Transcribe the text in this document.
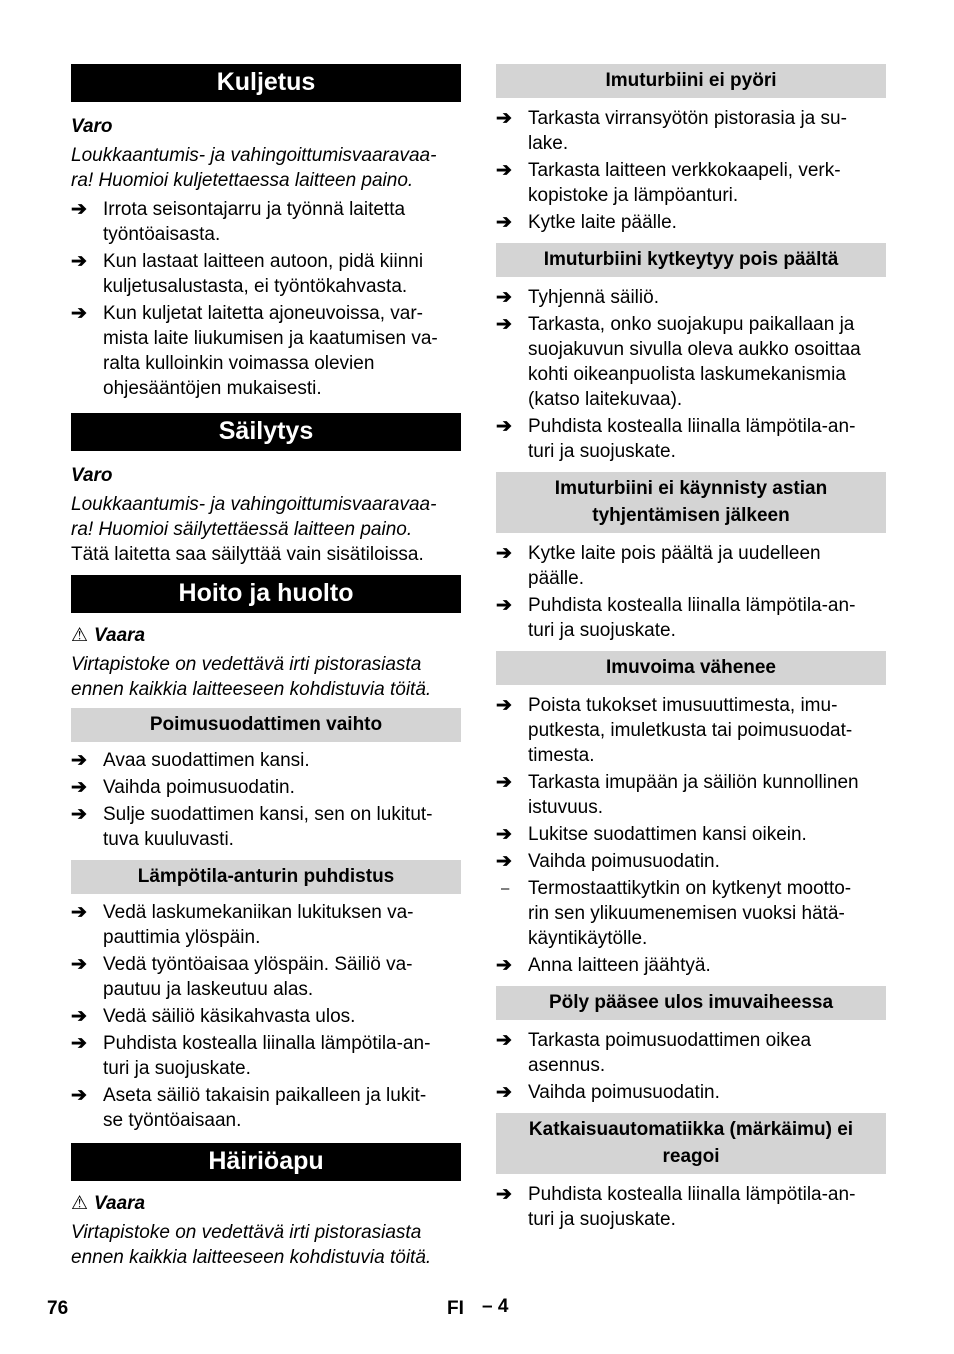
Kuljetus
Varo
Loukkaantumis- ja vahingoittumisvaaravaa-
ra! Huomioi kuljetettaessa laitteen paino.
➔ Irrota seisontajarru ja työnnä laitetta
työntöaisasta.
➔ Kun lastaat laitteen autoon, pidä kiinni
kuljetusalustasta, ei työntökahvasta.
➔ Kun kuljetat laitetta ajoneuvoissa, var-
mista laite liukumisen ja kaatumisen va-
ralta kulloinkin voimassa olevien
ohjesääntöjen mukaisesti.
Säilytys
Varo
Loukkaantumis- ja vahingoittumisvaaravaa-
ra! Huomioi säilytettäessä laitteen paino.
Tätä laitetta saa säilyttää vain sisätiloissa.
Hoito ja huolto
⚠ Vaara
Virtapistoke on vedettävä irti pistorasiasta
ennen kaikkia laitteeseen kohdistuvia töitä.
Poimusuodattimen vaihto
➔ Avaa suodattimen kansi.
➔ Vaihda poimusuodatin.
➔ Sulje suodattimen kansi, sen on lukitut-
tuva kuuluvasti.
Lämpötila-anturin puhdistus
➔ Vedä laskumekaniikan lukituksen va-
pauttimia ylöspäin.
➔ Vedä työntöaisaa ylöspäin. Säiliö va-
pautuu ja laskeutuu alas.
➔ Vedä säiliö käsikahvasta ulos.
➔ Puhdista kostealla liinalla lämpötila-an-
turi ja suojuskate.
➔ Aseta säiliö takaisin paikalleen ja lukit-
se työntöaisaan.
Häiriöapu
⚠ Vaara
Virtapistoke on vedettävä irti pistorasiasta
ennen kaikkia laitteeseen kohdistuvia töitä.
Imuturbiini ei pyöri
➔ Tarkasta virransyötön pistorasia ja su-
lake.
➔ Tarkasta laitteen verkkokaapeli, verk-
kopistoke ja lämpöanturi.
➔ Kytke laite päälle.
Imuturbiini kytkeytyy pois päältä
➔ Tyhjennä säiliö.
➔ Tarkasta, onko suojakupu paikallaan ja
suojakuvun sivulla oleva aukko osoittaa
kohti oikeanpuolista laskumekanismia
(katso laitekuvaa).
➔ Puhdista kostealla liinalla lämpötila-an-
turi ja suojuskate.
Imuturbiini ei käynnisty astian
tyhjentämisen jälkeen
➔ Kytke laite pois päältä ja uudelleen
päälle.
➔ Puhdista kostealla liinalla lämpötila-an-
turi ja suojuskate.
Imuvoima vähenee
➔ Poista tukokset imusuuttimesta, imu-
putkesta, imuletkusta tai poimusuodat-
timesta.
➔ Tarkasta imupään ja säiliön kunnollinen
istuvuus.
➔ Lukitse suodattimen kansi oikein.
➔ Vaihda poimusuodatin.
– Termostaattikytkin on kytkenyt mootto-
rin sen ylikuumenemisen vuoksi hätä-
käyntikäytölle.
➔ Anna laitteen jäähtyä.
Pöly pääsee ulos imuvaiheessa
➔ Tarkasta poimusuodattimen oikea
asennus.
➔ Vaihda poimusuodatin.
Katkaisuautomatiikka (märkäimu) ei
reagoi
➔ Puhdista kostealla liinalla lämpötila-an-
turi ja suojuskate.
76	FI – 4
